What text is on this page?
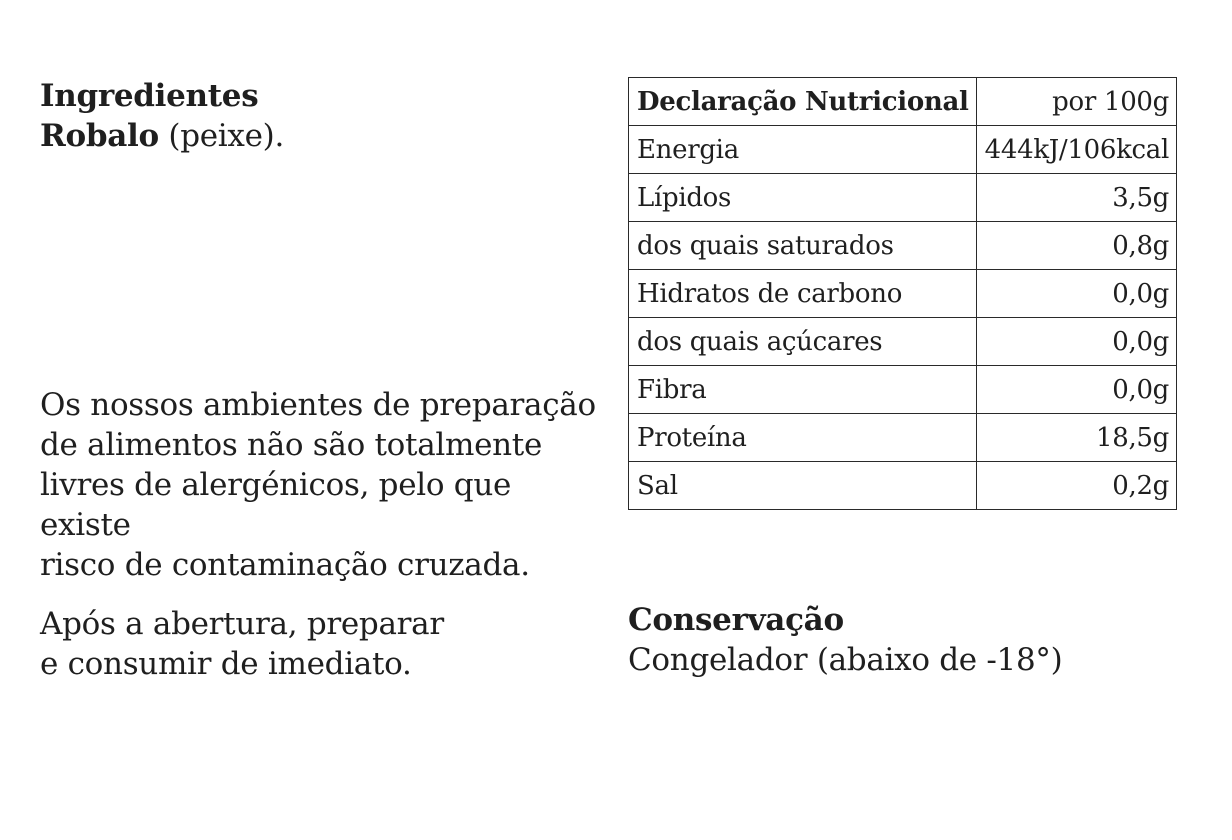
Ingredientes
Robalo (peixe).
Os nossos ambientes de preparação
de alimentos não são totalmente
livres de alergénicos, pelo que existe
risco de contaminação cruzada.
Após a abertura, preparar
e consumir de imediato.
Declaração Nutricional	por 100g
Energia	444kJ/106kcal
Lípidos	3,5g
dos quais saturados	0,8g
Hidratos de carbono	0,0g
dos quais açúcares	0,0g
Fibra	0,0g
Proteína	18,5g
Sal	0,2g
Conservação
Congelador (abaixo de -18°)
